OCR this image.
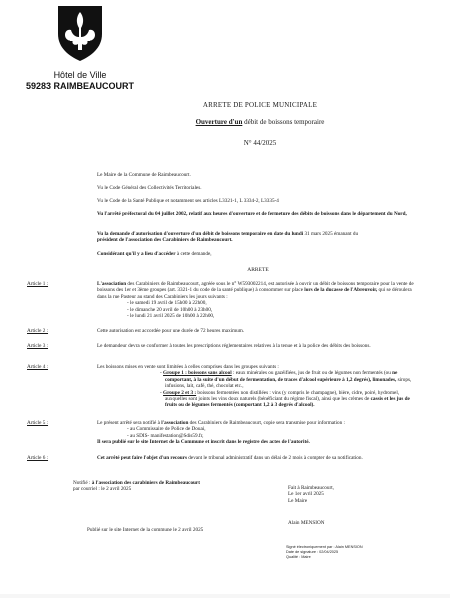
Hôtel de Ville
59283 RAIMBEAUCOURT
ARRETE DE POLICE MUNICIPALE
Ouverture d'un débit de boissons temporaire
N° 44/2025
Le Maire de la Commune de Raimbeaucourt.
Vu le Code Général des Collectivités Territoriales.
Vu le Code de la Santé Publique et notamment ses articles L3321-1, L 3334-2, L3335-4
Vu l'arrêté préfectoral du 04 juillet 2002, relatif aux heures d'ouverture et de fermeture des débits de boissons dans le département du Nord,
Vu la demande d'autorisation d'ouverture d'un débit de boissons temporaire en date du lundi 31 mars 2025 émanant du
président de l'association des Carabiniers de Raimbeaucourt.
Considérant qu'il y a lieu d'accéder à cette demande,
ARRETE
Article 1 :	L'association des Carabiniers de Raimbeaucourt, agréée sous le n° W593002214, est autorisée à ouvrir un débit de boissons temporaire pour la vente de boissons des 1er et 3ème groupes (art. 3321-1 du code de la santé publique) à consommer sur place lors de la ducasse de l'Abreuvoir, qui se déroulera dans la rue Pasteur au stand des Carabiniers les jours suivants :
- le samedi 19 avril de 15h00 à 22h00,
- le dimanche 20 avril de 10h00 à 23h00,
- le lundi 21 avril 2025 de 10h00 à 22h00,
Article 2 :	Cette autorisation est accordée pour une durée de 72 heures maximum.
Article 3 :	Le demandeur devra se conformer à toutes les prescriptions réglementaires relatives à la tenue et à la police des débits des boissons.
Article 4 :	Les boissons mises en vente sont limitées à celles comprises dans les groupes suivants :
- Groupe 1 : boissons sans alcool : eaux minérales ou gazéifiées, jus de fruit ou de légumes non fermentés (ou ne comportant, à la suite d'un début de fermentation, de traces d'alcool supérieure à 1,2 degrés), limonades, sirops, infusions, lait, café, thé, chocolat etc.,
- Groupe 2 et 3 : boissons fermentées non distillées : vins (y compris le champagne), bière, cidre, poiré, hydromel, auxquelles sont joints les vins doux naturels (bénéficiant du régime fiscal), ainsi que les crèmes de cassis et les jus de fruits ou de légumes fermentés (comportant 1,2 à 3 degrés d'alcool).
Article 5 :	Le présent arrêté sera notifié à l'association des Carabiniers de Raimbeaucourt, copie sera transmise pour information :
- au Commissaire de Police de Douai,
- au SDIS- manifestation@Sdis59.fr,
Il sera publié sur le site Internet de la Commune et inscrit dans le registre des actes de l'autorité.
Article 6 :	Cet arrêté peut faire l'objet d'un recours devant le tribunal administratif dans un délai de 2 mois à compter de sa notification.
Notifié : à l'association des carabiniers de Raimbeaucourt
par courriel : le 2 avril 2025	Fait à Raimbeaucourt,
Le 1er avril 2025
Le Maire
Alain MENSION
Publié sur le site Internet de la commune le 2 avril 2025
Signé électroniquement par : Alain MENSION
Date de signature : 02/04/2025
Qualité : Maire
